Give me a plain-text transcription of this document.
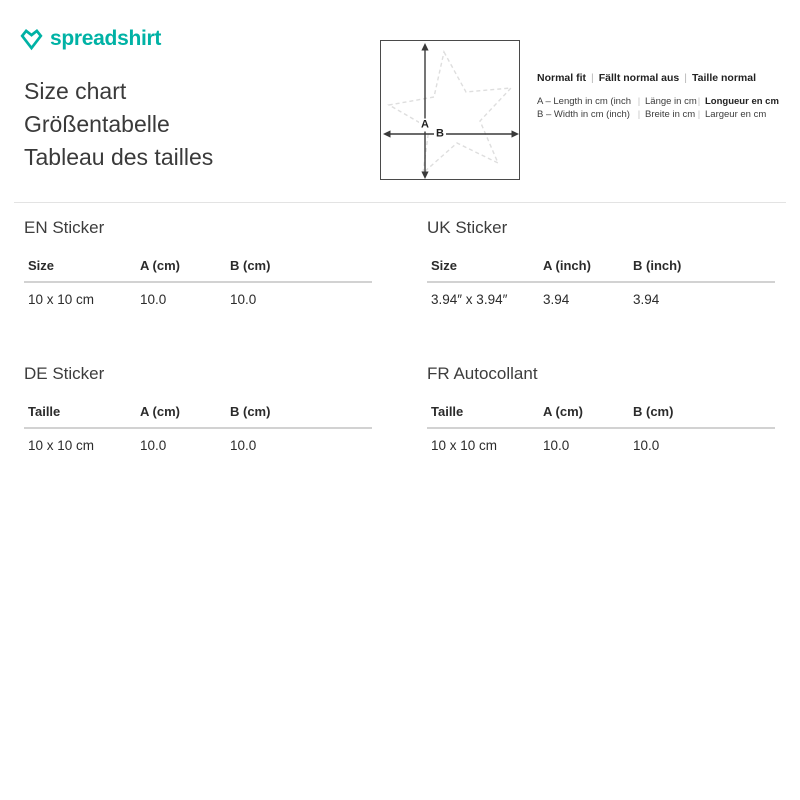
spreadshirt
Size chart
Größentabelle
Tableau des tailles
A
B
Normal fit | Fällt normal aus | Taille normal
A – Length in cm (inch | Länge in cm | Longueur en cm
B – Width in cm (inch) | Breite in cm | Largeur en cm
EN Sticker
Size	A (cm)	B (cm)
10 x 10 cm	10.0	10.0
UK Sticker
Size	A (inch)	B (inch)
3.94″ x 3.94″	3.94	3.94
DE Sticker
Taille	A (cm)	B (cm)
10 x 10 cm	10.0	10.0
FR Autocollant
Taille	A (cm)	B (cm)
10 x 10 cm	10.0	10.0
